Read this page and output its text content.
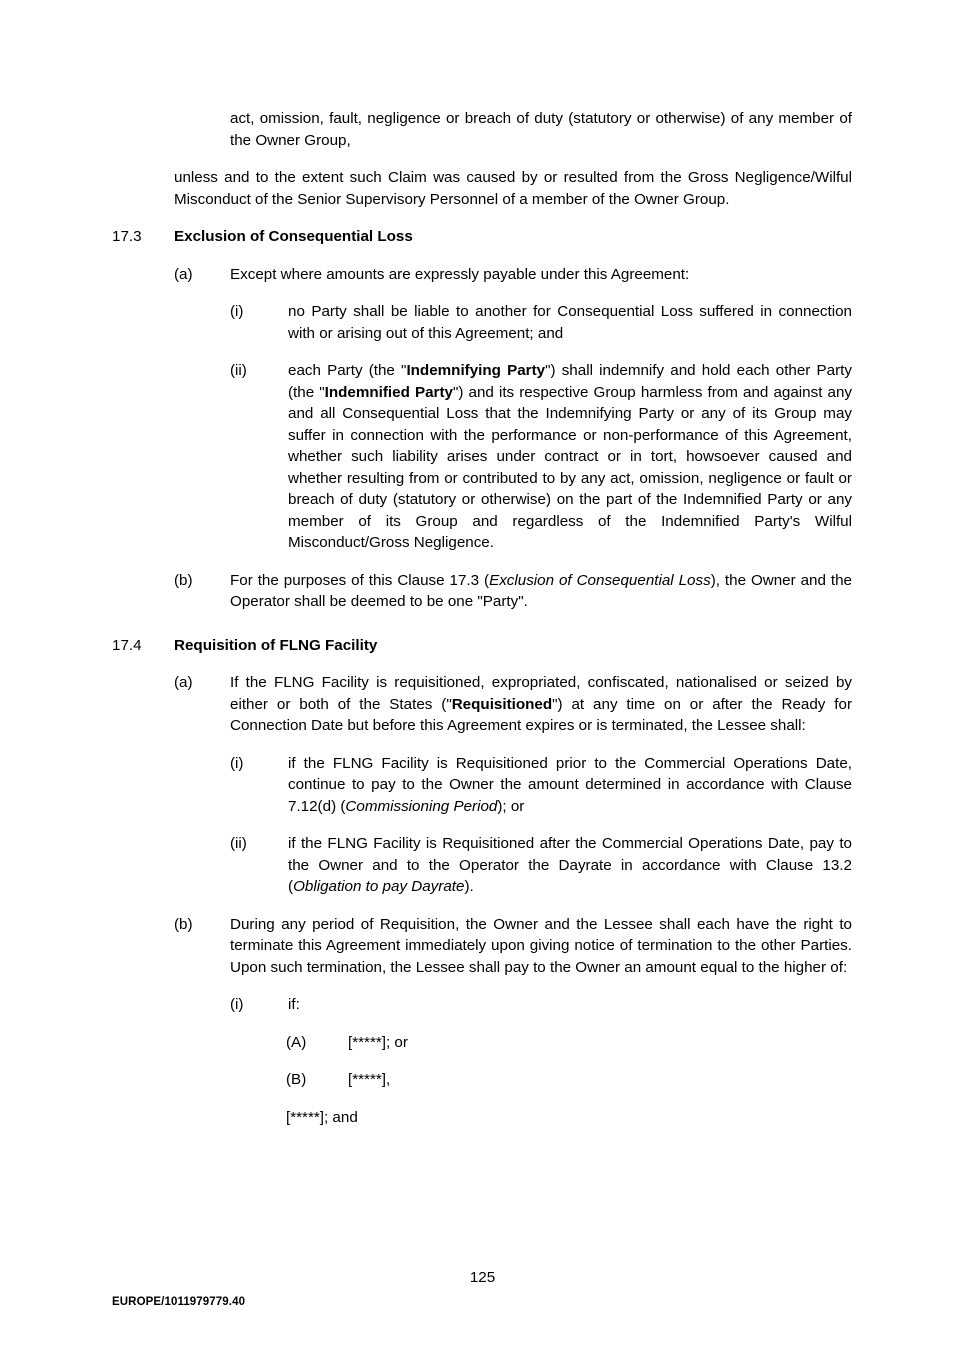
act, omission, fault, negligence or breach of duty (statutory or otherwise) of any member of the Owner Group,

unless and to the extent such Claim was caused by or resulted from the Gross Negligence/Wilful Misconduct of the Senior Supervisory Personnel of a member of the Owner Group.

17.3	Exclusion of Consequential Loss
(a)	Except where amounts are expressly payable under this Agreement:
(i)	no Party shall be liable to another for Consequential Loss suffered in connection with or arising out of this Agreement; and
(ii)	each Party (the "Indemnifying Party") shall indemnify and hold each other Party (the "Indemnified Party") and its respective Group harmless from and against any and all Consequential Loss that the Indemnifying Party or any of its Group may suffer in connection with the performance or non-performance of this Agreement, whether such liability arises under contract or in tort, howsoever caused and whether resulting from or contributed to by any act, omission, negligence or fault or breach of duty (statutory or otherwise) on the part of the Indemnified Party or any member of its Group and regardless of the Indemnified Party's Wilful Misconduct/Gross Negligence.
(b)	For the purposes of this Clause 17.3 (Exclusion of Consequential Loss), the Owner and the Operator shall be deemed to be one "Party".
17.4	Requisition of FLNG Facility
(a)	If the FLNG Facility is requisitioned, expropriated, confiscated, nationalised or seized by either or both of the States ("Requisitioned") at any time on or after the Ready for Connection Date but before this Agreement expires or is terminated, the Lessee shall:
(i)	if the FLNG Facility is Requisitioned prior to the Commercial Operations Date, continue to pay to the Owner the amount determined in accordance with Clause 7.12(d) (Commissioning Period); or
(ii)	if the FLNG Facility is Requisitioned after the Commercial Operations Date, pay to the Owner and to the Operator the Dayrate in accordance with Clause 13.2 (Obligation to pay Dayrate).
(b)	During any period of Requisition, the Owner and the Lessee shall each have the right to terminate this Agreement immediately upon giving notice of termination to the other Parties. Upon such termination, the Lessee shall pay to the Owner an amount equal to the higher of:
(i)	if:
(A)	[*****]; or
(B)	[*****],

[*****]; and

125
EUROPE/1011979779.40
